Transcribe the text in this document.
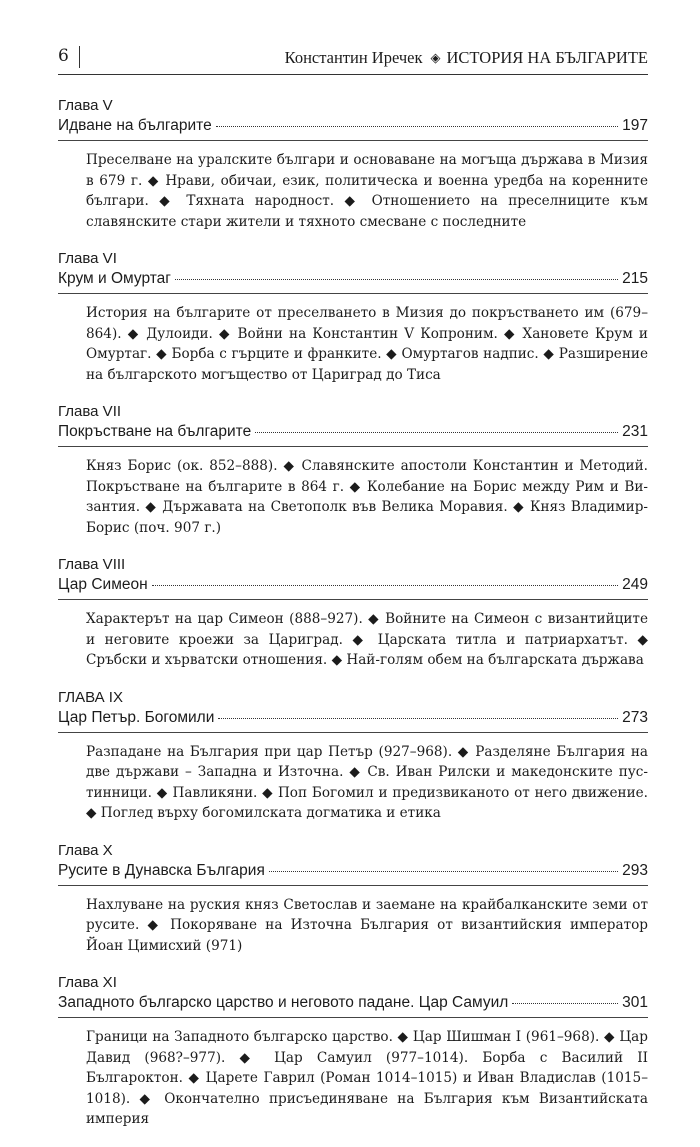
6	Константин Иречек ◈ ИСТОРИЯ НА БЪЛГАРИТЕ
Глава V
Идване на българите	197
Преселване на уралските българи и основаване на могъща държава в Мизия в 679 г. ◆ Нрави, обичаи, език, политическа и военна уредба на коренните българи. ◆ Тяхната народност. ◆ Отношението на преселниците към славянските стари жители и тяхното смесване с последните
Глава VI
Крум и Омуртаг	215
История на българите от преселването в Мизия до покръстването им (679–864). ◆ Дулоиди. ◆ Войни на Константин V Копроним. ◆ Хановете Крум и Омуртаг. ◆ Борба с гърците и франките. ◆ Омуртагов надпис. ◆ Разширение на българското могъщество от Цариград до Тиса
Глава VII
Покръстване на българите	231
Княз Борис (ок. 852–888). ◆ Славянските апостоли Константин и Методий. Покръстване на българите в 864 г. ◆ Колебание на Борис между Рим и Византия. ◆ Държавата на Светополк във Велика Моравия. ◆ Княз Владимир-Борис (поч. 907 г.)
Глава VIII
Цар Симеон	249
Характерът на цар Симеон (888–927). ◆ Войните на Симеон с византийците и неговите кроежи за Цариград. ◆ Царската титла и патриархатът. ◆ Сръбски и хърватски отношения. ◆ Най-голям обем на българската държава
ГЛАВА IX
Цар Петър. Богомили	273
Разпадане на България при цар Петър (927–968). ◆ Разделяне България на две държави – Западна и Източна. ◆ Св. Иван Рилски и македонските пустинници. ◆ Павликяни. ◆ Поп Богомил и предизвиканото от него движение. ◆ Поглед върху богомилската догматика и етика
Глава X
Русите в Дунавска България	293
Нахлуване на руския княз Светослав и заемане на крайбалканските земи от русите. ◆ Покоряване на Източна България от византийския император Йоан Цимисхий (971)
Глава XI
Западното българско царство и неговото падане. Цар Самуил	301
Граници на Западното българско царство. ◆ Цар Шишман I (961–968). ◆ Цар Давид (968?–977). ◆ Цар Самуил (977–1014). Борба с Василий II Българоктон. ◆ Царете Гаврил (Роман 1014–1015) и Иван Владислав (1015–1018). ◆ Окончателно присъединяване на България към Византийската империя
